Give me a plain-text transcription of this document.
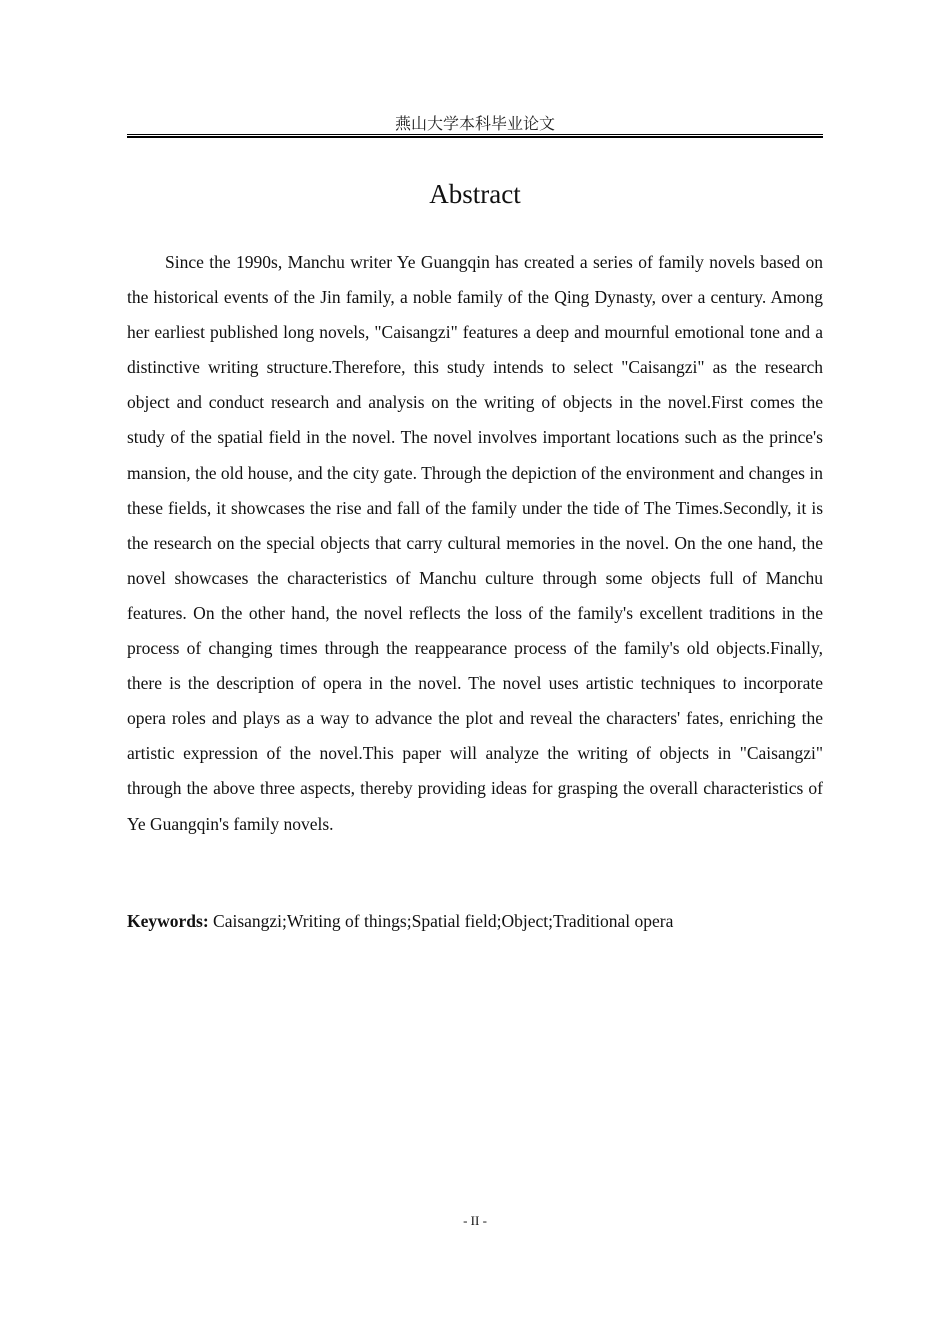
燕山大学本科毕业论文
Abstract

Since the 1990s, Manchu writer Ye Guangqin has created a series of family novels based on the historical events of the Jin family, a noble family of the Qing Dynasty, over a century. Among her earliest published long novels, "Caisangzi" features a deep and mournful emotional tone and a distinctive writing structure.Therefore, this study intends to select "Caisangzi" as the research object and conduct research and analysis on the writing of objects in the novel.First comes the study of the spatial field in the novel. The novel involves important locations such as the prince's mansion, the old house, and the city gate. Through the depiction of the environment and changes in these fields, it showcases the rise and fall of the family under the tide of The Times.Secondly, it is the research on the special objects that carry cultural memories in the novel. On the one hand, the novel showcases the characteristics of Manchu culture through some objects full of Manchu features. On the other hand, the novel reflects the loss of the family's excellent traditions in the process of changing times through the reappearance process of the family's old objects.Finally, there is the description of opera in the novel. The novel uses artistic techniques to incorporate opera roles and plays as a way to advance the plot and reveal the characters' fates, enriching the artistic expression of the novel.This paper will analyze the writing of objects in "Caisangzi" through the above three aspects, thereby providing ideas for grasping the overall characteristics of Ye Guangqin's family novels.

Keywords: Caisangzi;Writing of things;Spatial field;Object;Traditional opera

- II -
